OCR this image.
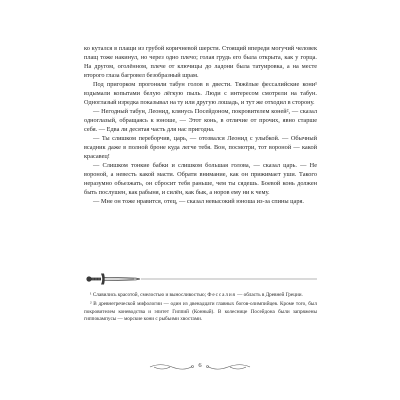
ко кутался в плащи из грубой коричневой шерсти. Стоящий впереди могучий человек плащ тоже накинул, но через одно плечо; голая грудь его была открыта, как у горца. На другом, оголённом, плече от ключицы до ладони была татуировка, а на месте второго глаза багровел безобразный шрам.

Под пригорком прогоняли табун голов в двести. Тяжёлые фессалийские кони¹ вздымали копытами белую лёгкую пыль. Люди с интересом смотрели на табун. Одноглазый изредка показывал на ту или другую лошадь, и тут же отходил в сторону.

— Негодный табун, Леонид, клянусь Посейдоном, покровителем коней², — сказал одноглазый, обращаясь к юноше, — Этот конь, в отличие от прочих, явно старше себя. — Едва ли десятая часть для нас пригодна.

— Ты слишком переборчив, царь, — отозвался Леонид с улыбкой. — Обычный всадник даже в полной броне куда легче тебя. Вон, посмотри, тот вороной — какой красавец!

— Слишком тонкие бабки и слишком большая голова, — сказал царь. — Не вороной, а невесть какой масти. Обрати внимание, как он прижимает уши. Такого неразумно объезжать, он сбросит тебя раньше, чем ты сядешь. Боевой конь должен быть послушен, как рабыня, и силён, как бык, а норов ему ни к чему.

— Мне он тоже нравится, отец, — сказал невысокий юноша из-за спины царя.

¹ Славились красотой, смелостью и выносливостью; Фессалия — область в Древней Греции.

² В древнегреческой мифологии — один из двенадцати главных богов-олимпийцев. Кроме того, был покровителем коневодства и эпитет Гиппий (Конный). В колеснице Посейдона были запряжены гиппокампусы — морские кони с рыбьими хвостами.

6
